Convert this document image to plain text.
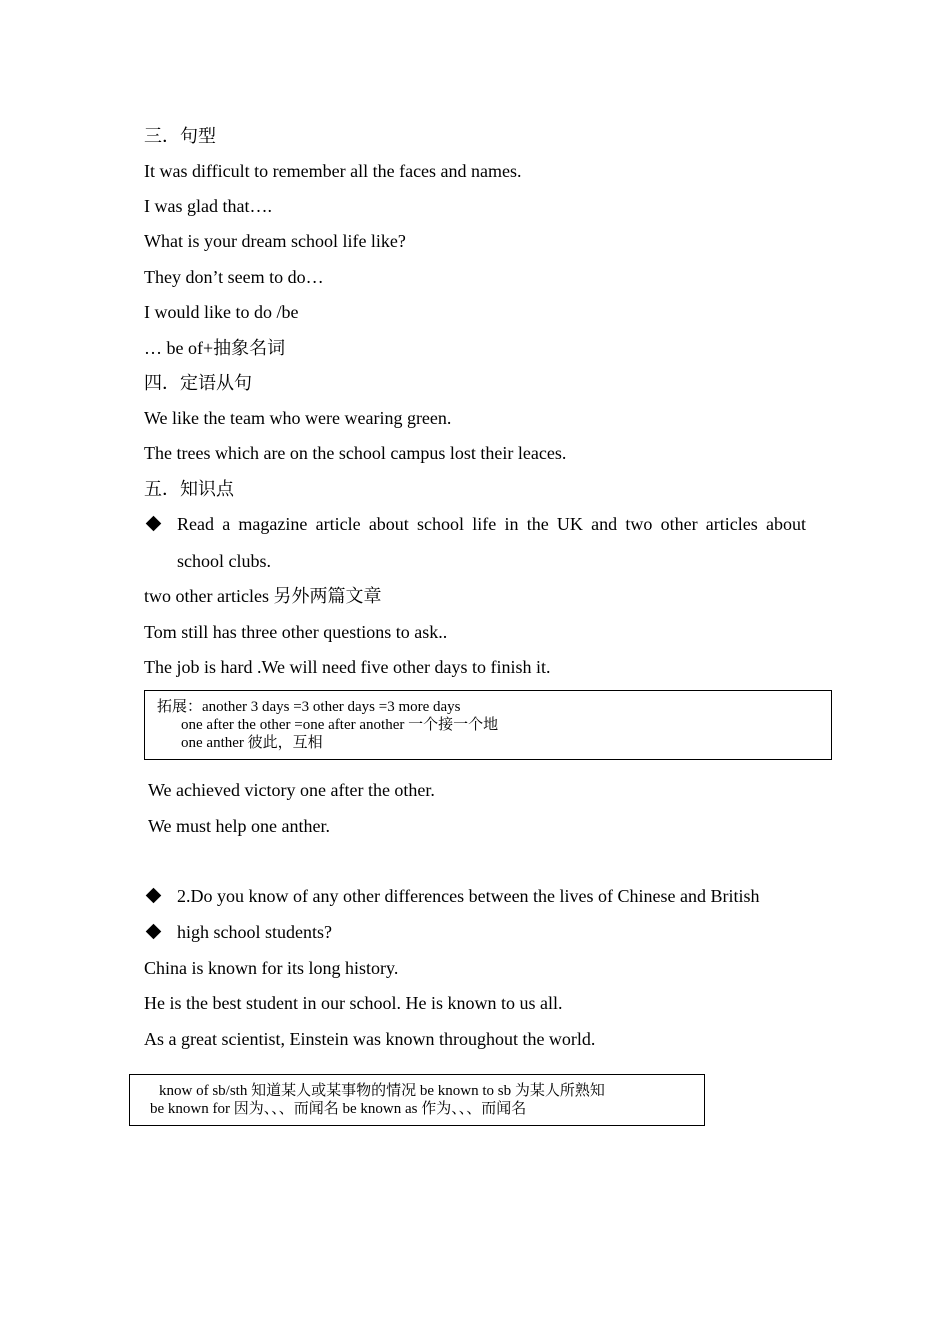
三．句型
It was difficult to remember all the faces and names.
I was glad that….
What is your dream school life like?
They don’t seem to do…
I would like to do /be
… be of+抽象名词
四．定语从句
We like the team who were wearing green.
The trees which are on the school campus lost their leaces.
五．知识点
Read a magazine article about school life in the UK and two other articles about
school clubs.
two other articles 另外两篇文章
Tom still has three other questions to ask..
The job is hard .We will need five other days to finish it.
拓展：another 3 days =3 other days =3 more days
one after the other =one after another 一个接一个地
one anther 彼此，互相
We achieved victory one after the other.
We must help one anther.
2.Do you know of any other differences between the lives of Chinese and British
high school students?
China is known for its long history.
He is the best student in our school. He is known to us all.
As a great scientist, Einstein was known throughout the world.
know of sb/sth 知道某人或某事物的情况 be known to sb 为某人所熟知
be known for 因为、、、而闻名 be known as 作为、、、而闻名
